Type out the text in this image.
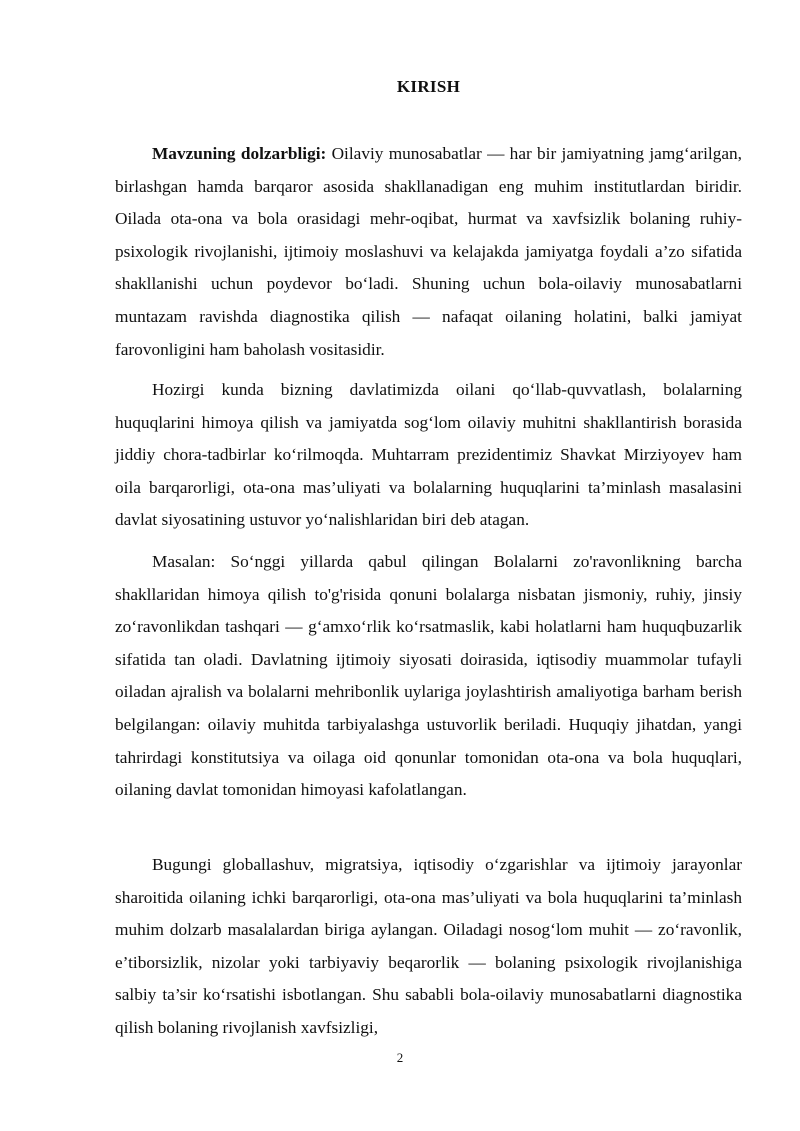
KIRISH

Mavzuning dolzarbligi: Oilaviy munosabatlar — har bir jamiyatning jamg‘arilgan, birlashgan hamda barqaror asosida shakllanadigan eng muhim institutlardan biridir. Oilada ota-ona va bola orasidagi mehr-oqibat, hurmat va xavfsizlik bolaning ruhiy-psixologik rivojlanishi, ijtimoiy moslashuvi va kelajakda jamiyatga foydali a’zo sifatida shakllanishi uchun poydevor bo‘ladi. Shuning uchun bola-oilaviy munosabatlarni muntazam ravishda diagnostika qilish — nafaqat oilaning holatini, balki jamiyat farovonligini ham baholash vositasidir.

Hozirgi kunda bizning davlatimizda oilani qo‘llab-quvvatlash, bolalarning huquqlarini himoya qilish va jamiyatda sog‘lom oilaviy muhitni shakllantirish borasida jiddiy chora-tadbirlar ko‘rilmoqda. Muhtarram prezidentimiz Shavkat Mirziyoyev ham oila barqarorligi, ota-ona mas’uliyati va bolalarning huquqlarini ta’minlash masalasini davlat siyosatining ustuvor yo‘nalishlaridan biri deb atagan.

Masalan: So‘nggi yillarda qabul qilingan Bolalarni zo'ravonlikning barcha shakllaridan himoya qilish to'g'risida qonuni bolalarga nisbatan jismoniy, ruhiy, jinsiy zo‘ravonlikdan tashqari — g‘amxo‘rlik ko‘rsatmaslik, kabi holatlarni ham huquqbuzarlik sifatida tan oladi. Davlatning ijtimoiy siyosati doirasida, iqtisodiy muammolar tufayli oiladan ajralish va bolalarni mehribonlik uylariga joylashtirish amaliyotiga barham berish belgilangan: oilaviy muhitda tarbiyalashga ustuvorlik beriladi. Huquqiy jihatdan, yangi tahrirdagi konstitutsiya va oilaga oid qonunlar tomonidan ota-ona va bola huquqlari, oilaning davlat tomonidan himoyasi kafolatlangan.

Bugungi globallashuv, migratsiya, iqtisodiy o‘zgarishlar va ijtimoiy jarayonlar sharoitida oilaning ichki barqarorligi, ota-ona mas’uliyati va bola huquqlarini ta’minlash muhim dolzarb masalalardan biriga aylangan. Oiladagi nosog‘lom muhit — zo‘ravonlik, e’tiborsizlik, nizolar yoki tarbiyaviy beqarorlik — bolaning psixologik rivojlanishiga salbiy ta’sir ko‘rsatishi isbotlangan. Shu sababli bola-oilaviy munosabatlarni diagnostika qilish bolaning rivojlanish xavfsizligi,

2
